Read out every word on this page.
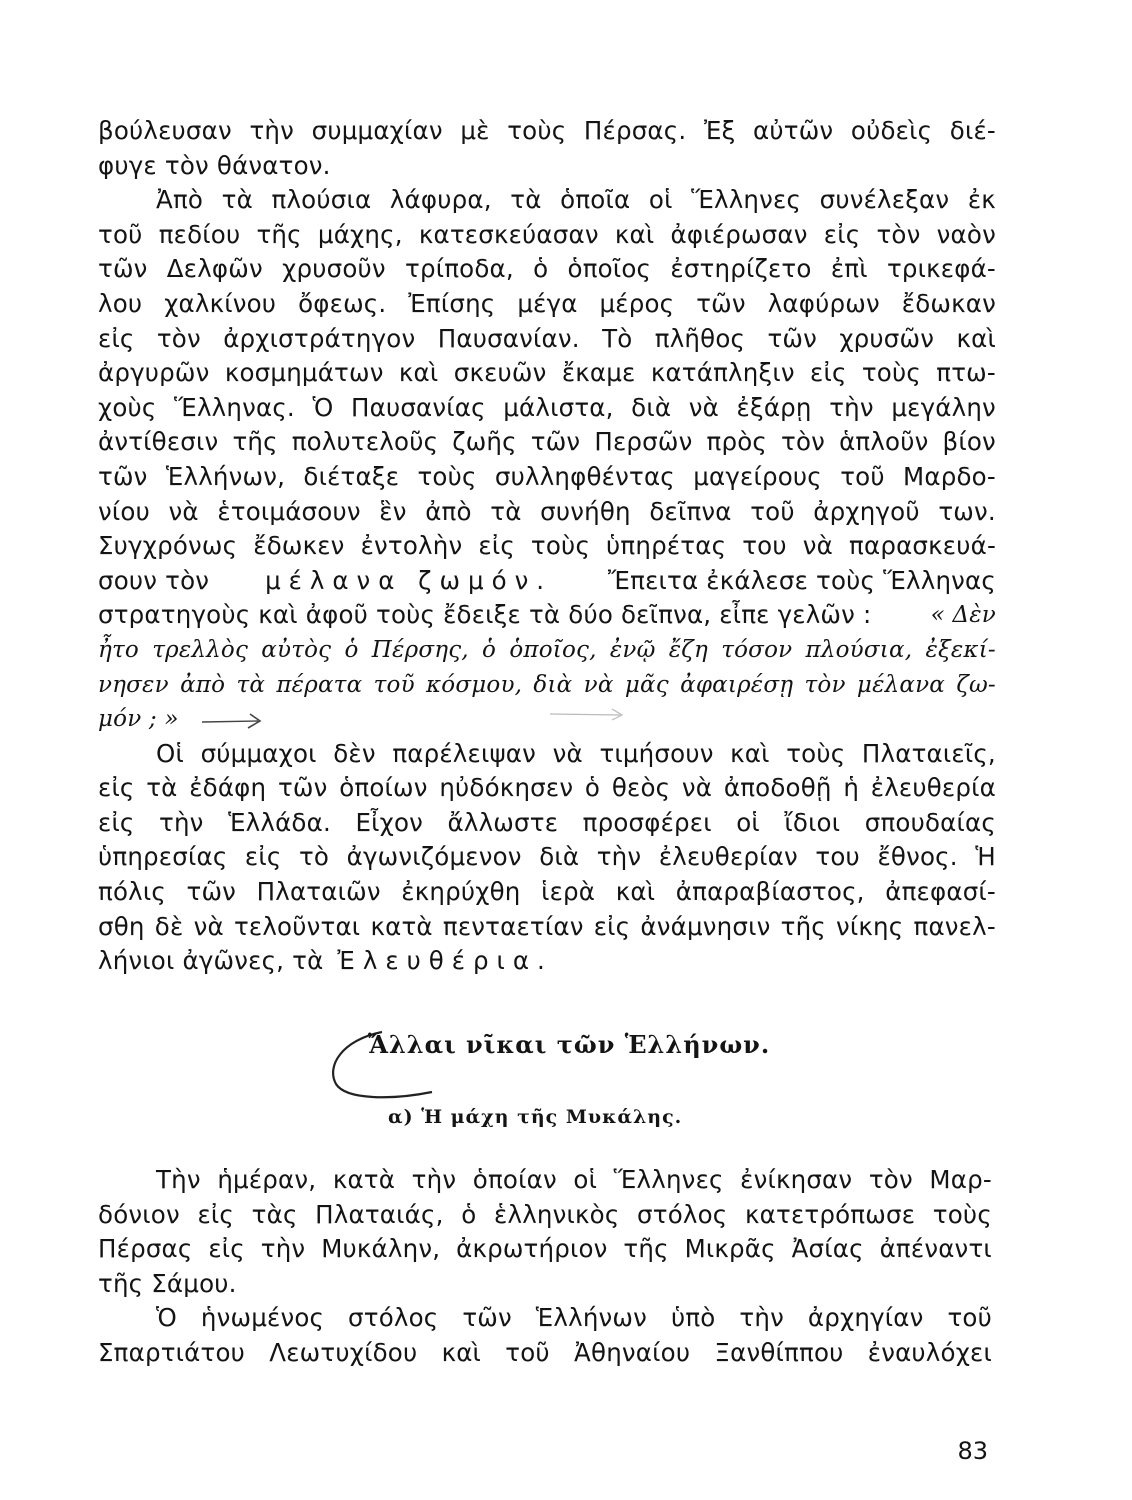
βούλευσαν τὴν συμμαχίαν μὲ τοὺς Πέρσας. Ἐξ αὐτῶν οὐδεὶς διέ-
φυγε τὸν θάνατον.
Ἀπὸ τὰ πλούσια λάφυρα, τὰ ὁποῖα οἱ Ἕλληνες συνέλεξαν ἐκ
τοῦ πεδίου τῆς μάχης, κατεσκεύασαν καὶ ἀφιέρωσαν εἰς τὸν ναὸν
τῶν Δελφῶν χρυσοῦν τρίποδα, ὁ ὁποῖος ἐστηρίζετο ἐπὶ τρικεφά-
λου χαλκίνου ὄφεως. Ἐπίσης μέγα μέρος τῶν λαφύρων ἔδωκαν
εἰς τὸν ἀρχιστράτηγον Παυσανίαν. Τὸ πλῆθος τῶν χρυσῶν καὶ
ἀργυρῶν κοσμημάτων καὶ σκευῶν ἔκαμε κατάπληξιν εἰς τοὺς πτω-
χοὺς Ἕλληνας. Ὁ Παυσανίας μάλιστα, διὰ νὰ ἐξάρῃ τὴν μεγάλην
ἀντίθεσιν τῆς πολυτελοῦς ζωῆς τῶν Περσῶν πρὸς τὸν ἁπλοῦν βίον
τῶν Ἑλλήνων, διέταξε τοὺς συλληφθέντας μαγείρους τοῦ Μαρδο-
νίου νὰ ἑτοιμάσουν ἓν ἀπὸ τὰ συνήθη δεῖπνα τοῦ ἀρχηγοῦ των.
Συγχρόνως ἔδωκεν ἐντολὴν εἰς τοὺς ὑπηρέτας του νὰ παρασκευά-
σουν τὸν μέλανα ζωμόν. Ἔπειτα ἐκάλεσε τοὺς Ἕλληνας
στρατηγοὺς καὶ ἀφοῦ τοὺς ἔδειξε τὰ δύο δεῖπνα, εἶπε γελῶν :	« Δὲν
ἦτο τρελλὸς αὐτὸς ὁ Πέρσης, ὁ ὁποῖος, ἐνῷ ἔζη τόσον πλούσια, ἐξεκί-
νησεν ἀπὸ τὰ πέρατα τοῦ κόσμου, διὰ νὰ μᾶς ἀφαιρέσῃ τὸν μέλανα ζω-
μόν ; »
Οἱ σύμμαχοι δὲν παρέλειψαν νὰ τιμήσουν καὶ τοὺς Πλαταιεῖς,
εἰς τὰ ἐδάφη τῶν ὁποίων ηὐδόκησεν ὁ θεὸς νὰ ἀποδοθῇ ἡ ἐλευθερία
εἰς τὴν Ἑλλάδα. Εἶχον ἄλλωστε προσφέρει οἱ ἴδιοι σπουδαίας
ὑπηρεσίας εἰς τὸ ἀγωνιζόμενον διὰ τὴν ἐλευθερίαν του ἔθνος. Ἡ
πόλις τῶν Πλαταιῶν ἐκηρύχθη ἱερὰ καὶ ἀπαραβίαστος, ἀπεφασί-
σθη δὲ νὰ τελοῦνται κατὰ πενταετίαν εἰς ἀνάμνησιν τῆς νίκης πανελ-
λήνιοι ἀγῶνες, τὰ Ἐλευθέρια.
Ἄλλαι νῖκαι τῶν Ἑλλήνων.
α) Ἡ μάχη τῆς Μυκάλης.
Τὴν ἡμέραν, κατὰ τὴν ὁποίαν οἱ Ἕλληνες ἐνίκησαν τὸν Μαρ-
δόνιον εἰς τὰς Πλαταιάς, ὁ ἑλληνικὸς στόλος κατετρόπωσε τοὺς
Πέρσας εἰς τὴν Μυκάλην, ἀκρωτήριον τῆς Μικρᾶς Ἀσίας ἀπέναντι
τῆς Σάμου.
Ὁ ἡνωμένος στόλος τῶν Ἑλλήνων ὑπὸ τὴν ἀρχηγίαν τοῦ
Σπαρτιάτου Λεωτυχίδου καὶ τοῦ Ἀθηναίου Ξανθίππου ἐναυλόχει
83
